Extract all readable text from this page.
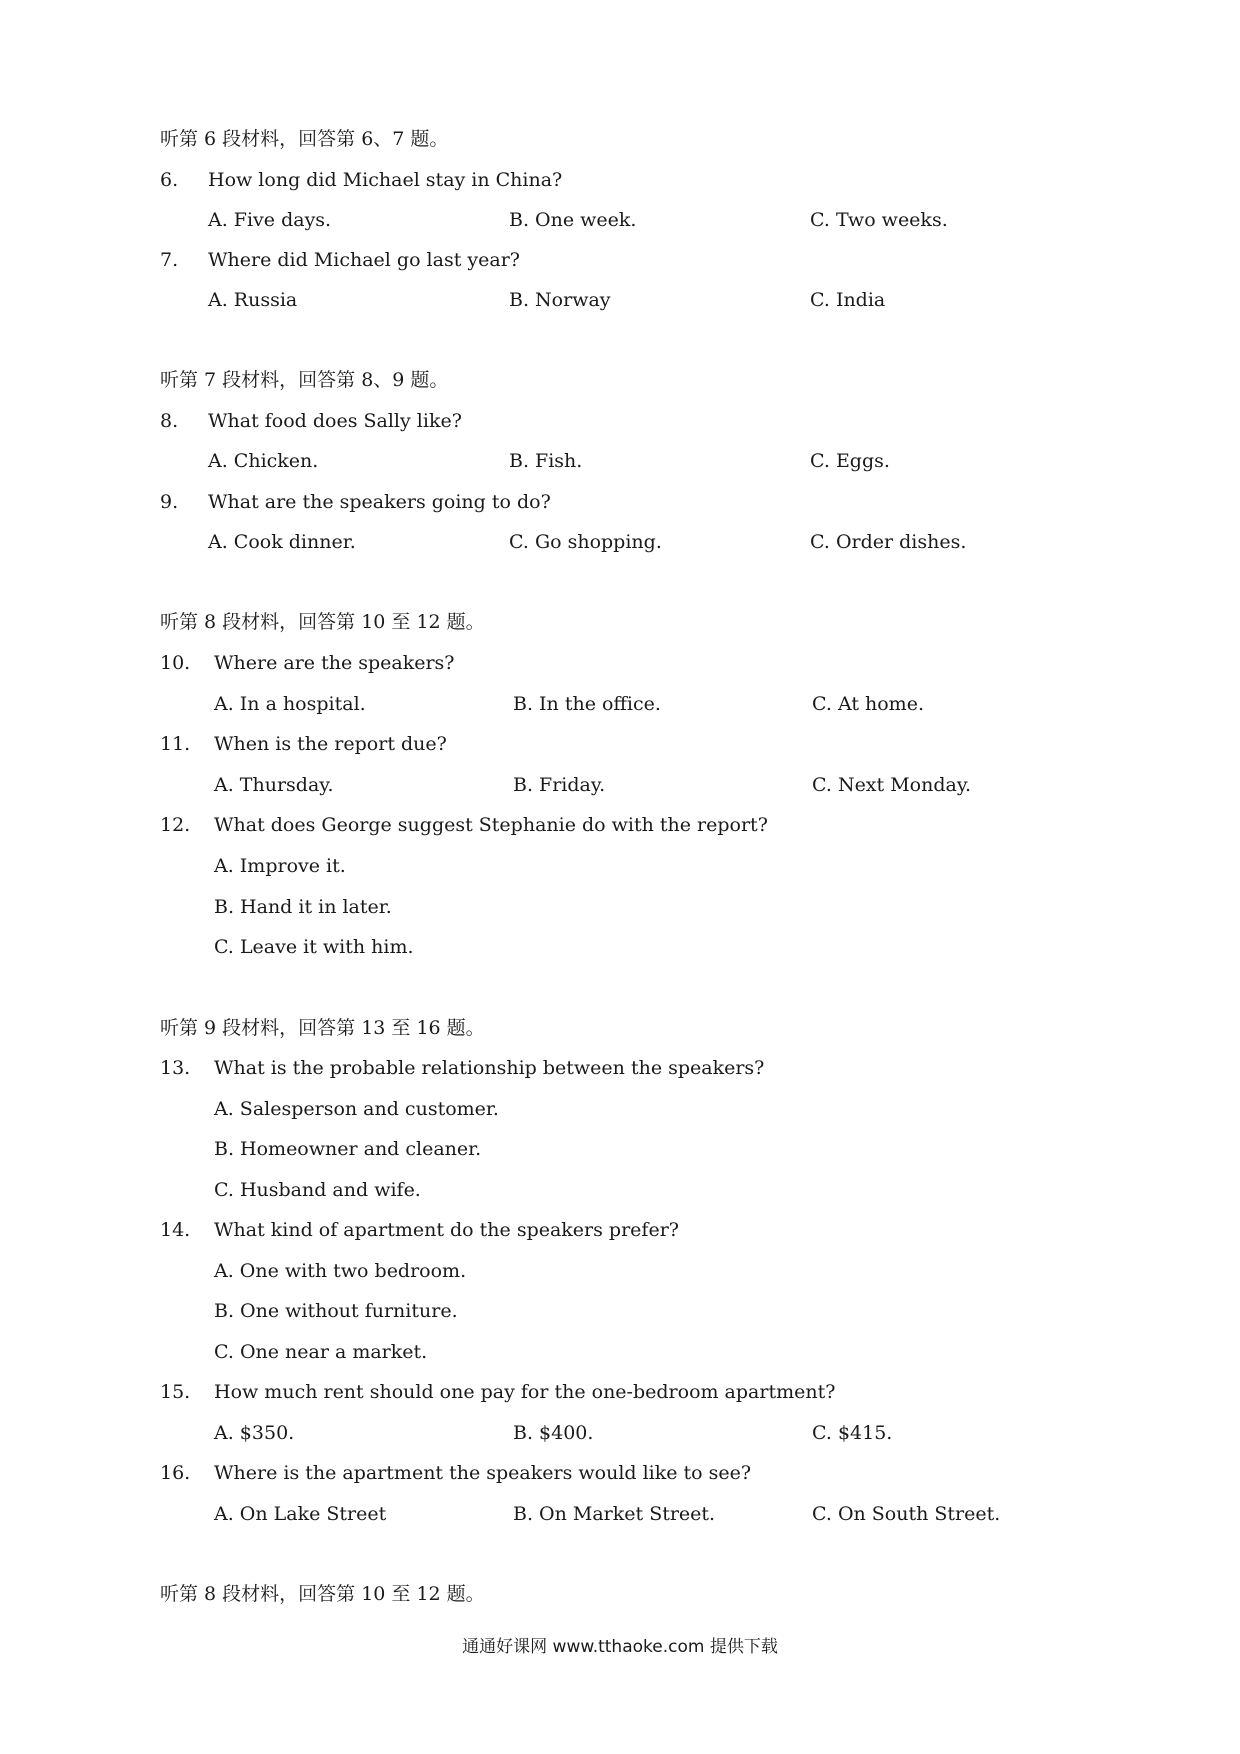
听第 6 段材料，回答第 6、7 题。
6. How long did Michael stay in China?
A. Five days.	B. One week.	C. Two weeks.
7. Where did Michael go last year?
A. Russia	B. Norway	C. India
听第 7 段材料，回答第 8、9 题。
8. What food does Sally like?
A. Chicken.	B. Fish.	C. Eggs.
9. What are the speakers going to do?
A. Cook dinner.	C. Go shopping.	C. Order dishes.
听第 8 段材料，回答第 10 至 12 题。
10. Where are the speakers?
A. In a hospital.	B. In the office.	C. At home.
11. When is the report due?
A. Thursday.	B. Friday.	C. Next Monday.
12. What does George suggest Stephanie do with the report?
A. Improve it.
B. Hand it in later.
C. Leave it with him.
听第 9 段材料，回答第 13 至 16 题。
13. What is the probable relationship between the speakers?
A. Salesperson and customer.
B. Homeowner and cleaner.
C. Husband and wife.
14. What kind of apartment do the speakers prefer?
A. One with two bedroom.
B. One without furniture.
C. One near a market.
15. How much rent should one pay for the one-bedroom apartment?
A. $350.	B. $400.	C. $415.
16. Where is the apartment the speakers would like to see?
A. On Lake Street	B. On Market Street.	C. On South Street.
听第 8 段材料，回答第 10 至 12 题。
通通好课网 www.tthaoke.com 提供下载
